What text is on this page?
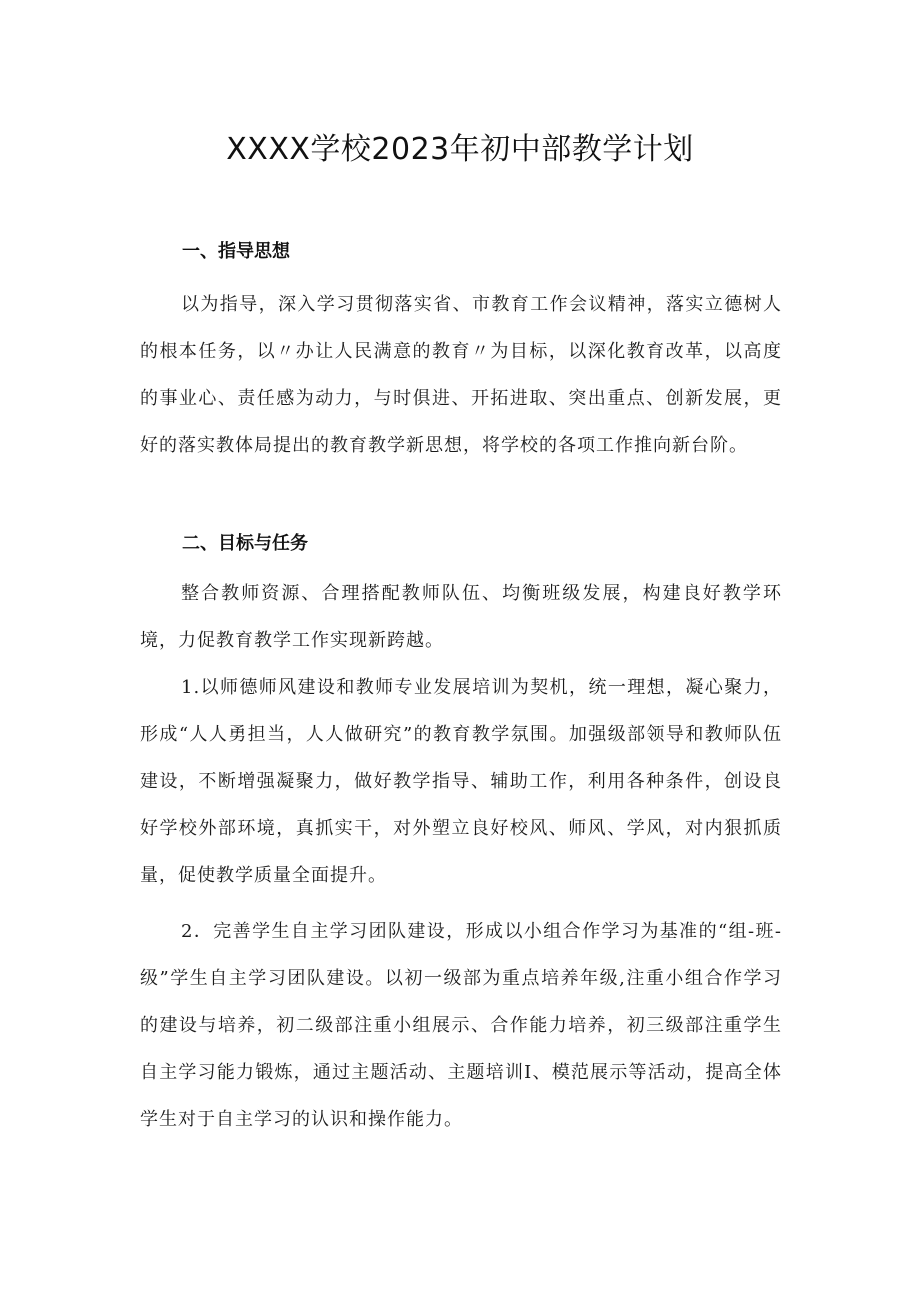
XXXX学校2023年初中部教学计划
一、指导思想

以为指导，深入学习贯彻落实省、市教育工作会议精神，落实立德树人的根本任务，以〃办让人民满意的教育〃为目标，以深化教育改革，以高度的事业心、责任感为动力，与时俱进、开拓进取、突出重点、创新发展，更好的落实教体局提出的教育教学新思想，将学校的各项工作推向新台阶。

二、目标与任务

整合教师资源、合理搭配教师队伍、均衡班级发展，构建良好教学环境，力促教育教学工作实现新跨越。

1.以师德师风建设和教师专业发展培训为契机，统一理想，凝心聚力，形成“人人勇担当，人人做研究”的教育教学氛围。加强级部领导和教师队伍建设，不断增强凝聚力，做好教学指导、辅助工作，利用各种条件，创设良好学校外部环境，真抓实干，对外塑立良好校风、师风、学风，对内狠抓质量，促使教学质量全面提升。

2．完善学生自主学习团队建设，形成以小组合作学习为基准的“组-班-级”学生自主学习团队建设。以初一级部为重点培养年级,注重小组合作学习的建设与培养，初二级部注重小组展示、合作能力培养，初三级部注重学生自主学习能力锻炼，通过主题活动、主题培训Ⅰ、模范展示等活动，提高全体学生对于自主学习的认识和操作能力。
